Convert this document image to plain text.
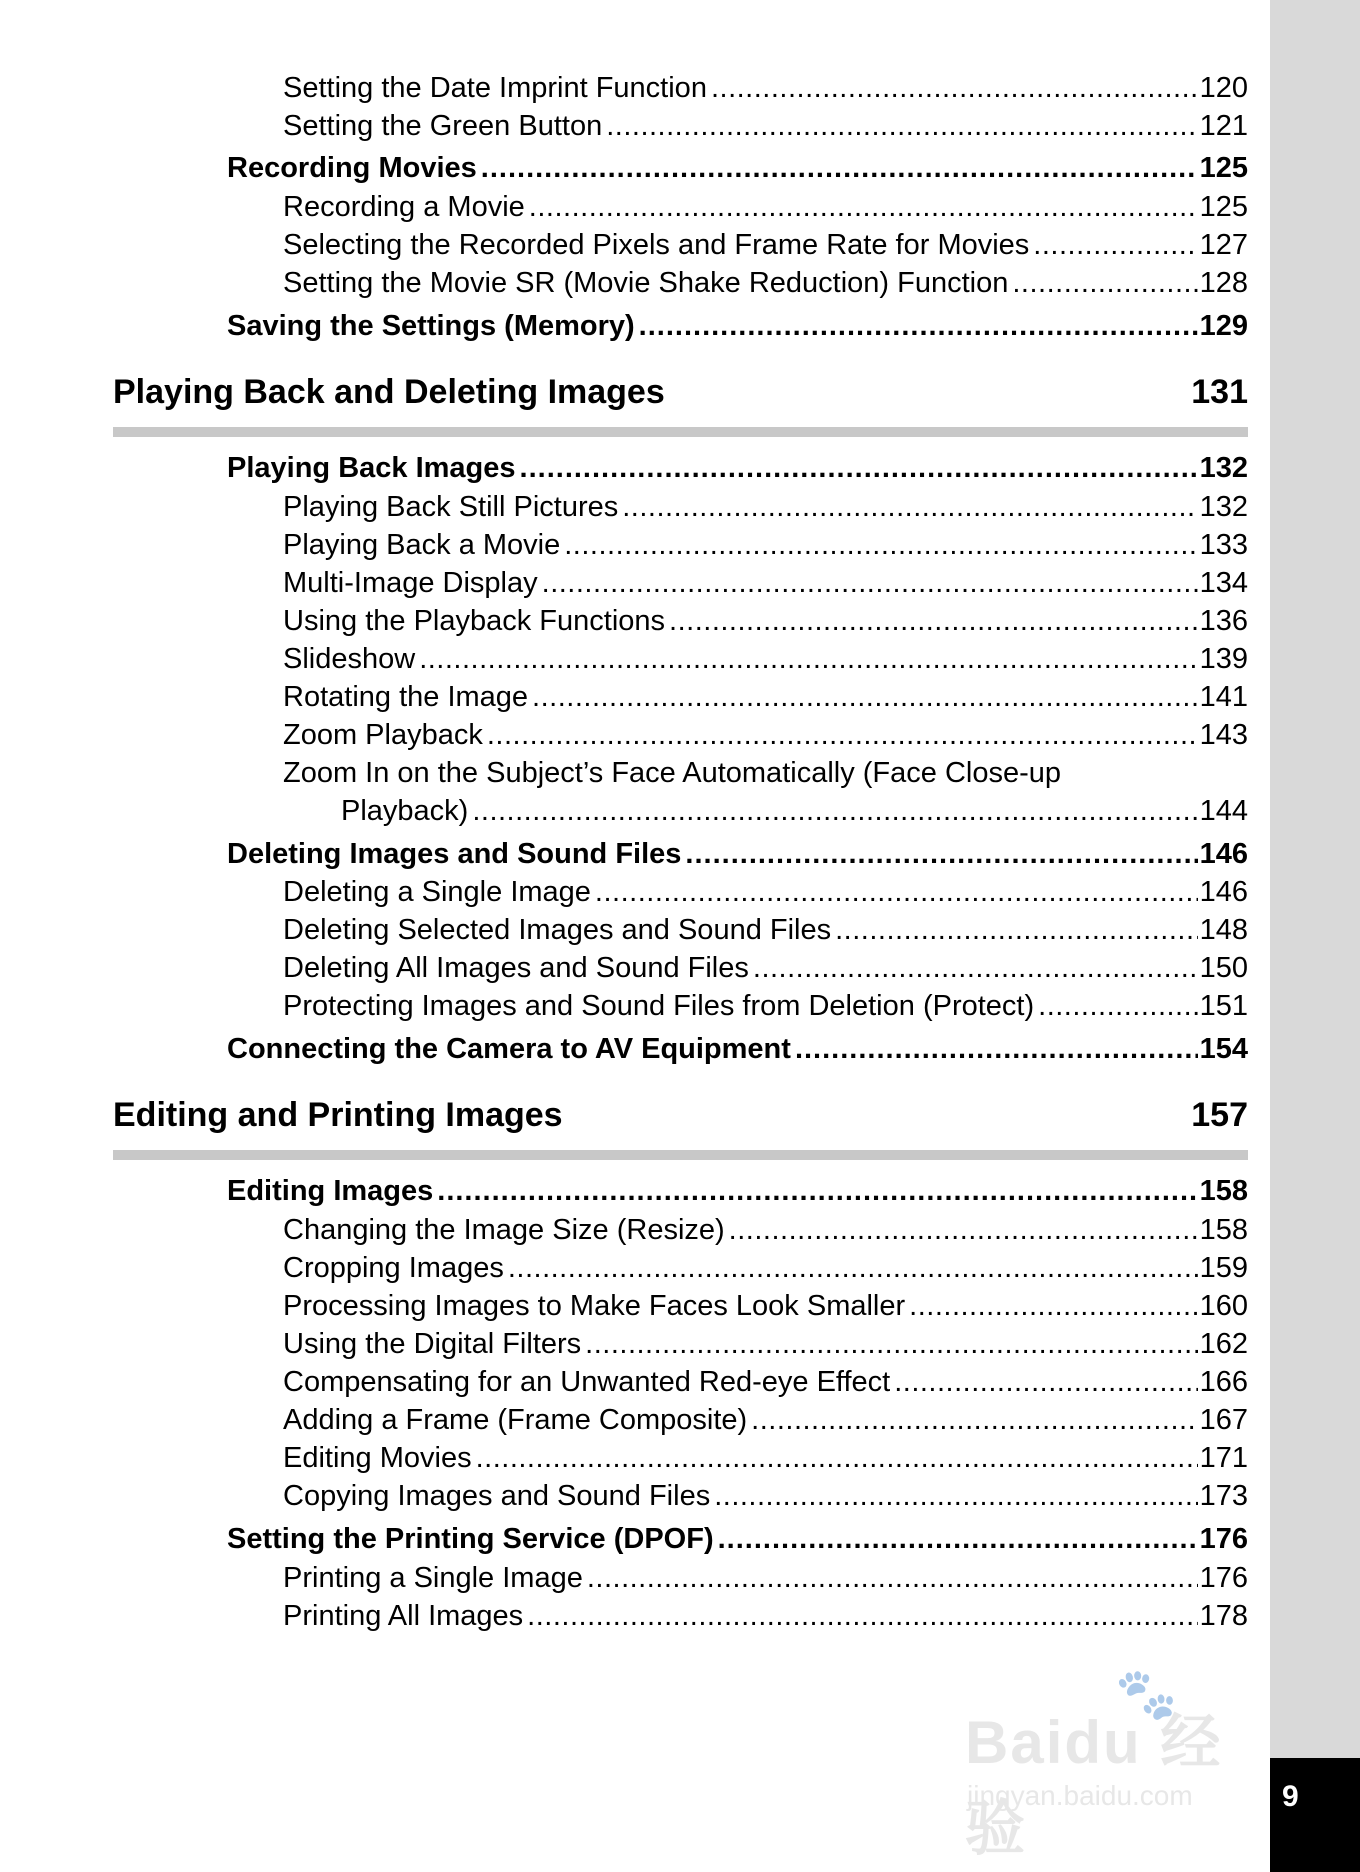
9
Setting the Date Imprint Function .....	120
Setting the Green Button .....	121
Recording Movies .....	125
Recording a Movie .....	125
Selecting the Recorded Pixels and Frame Rate for Movies .....	127
Setting the Movie SR (Movie Shake Reduction) Function .....	128
Saving the Settings (Memory) .....	129
Playing Back and Deleting Images	131
Playing Back Images .....	132
Playing Back Still Pictures .....	132
Playing Back a Movie .....	133
Multi-Image Display .....	134
Using the Playback Functions .....	136
Slideshow .....	139
Rotating the Image .....	141
Zoom Playback .....	143
Zoom In on the Subject’s Face Automatically (Face Close-up
Playback) .....	144
Deleting Images and Sound Files .....	146
Deleting a Single Image .....	146
Deleting Selected Images and Sound Files .....	148
Deleting All Images and Sound Files .....	150
Protecting Images and Sound Files from Deletion (Protect) .....	151
Connecting the Camera to AV Equipment .....	154
Editing and Printing Images	157
Editing Images .....	158
Changing the Image Size (Resize) .....	158
Cropping Images .....	159
Processing Images to Make Faces Look Smaller .....	160
Using the Digital Filters .....	162
Compensating for an Unwanted Red-eye Effect .....	166
Adding a Frame (Frame Composite) .....	167
Editing Movies .....	171
Copying Images and Sound Files .....	173
Setting the Printing Service (DPOF) .....	176
Printing a Single Image .....	176
Printing All Images .....	178
🐾
Baidu 经验
jingyan.baidu.com
